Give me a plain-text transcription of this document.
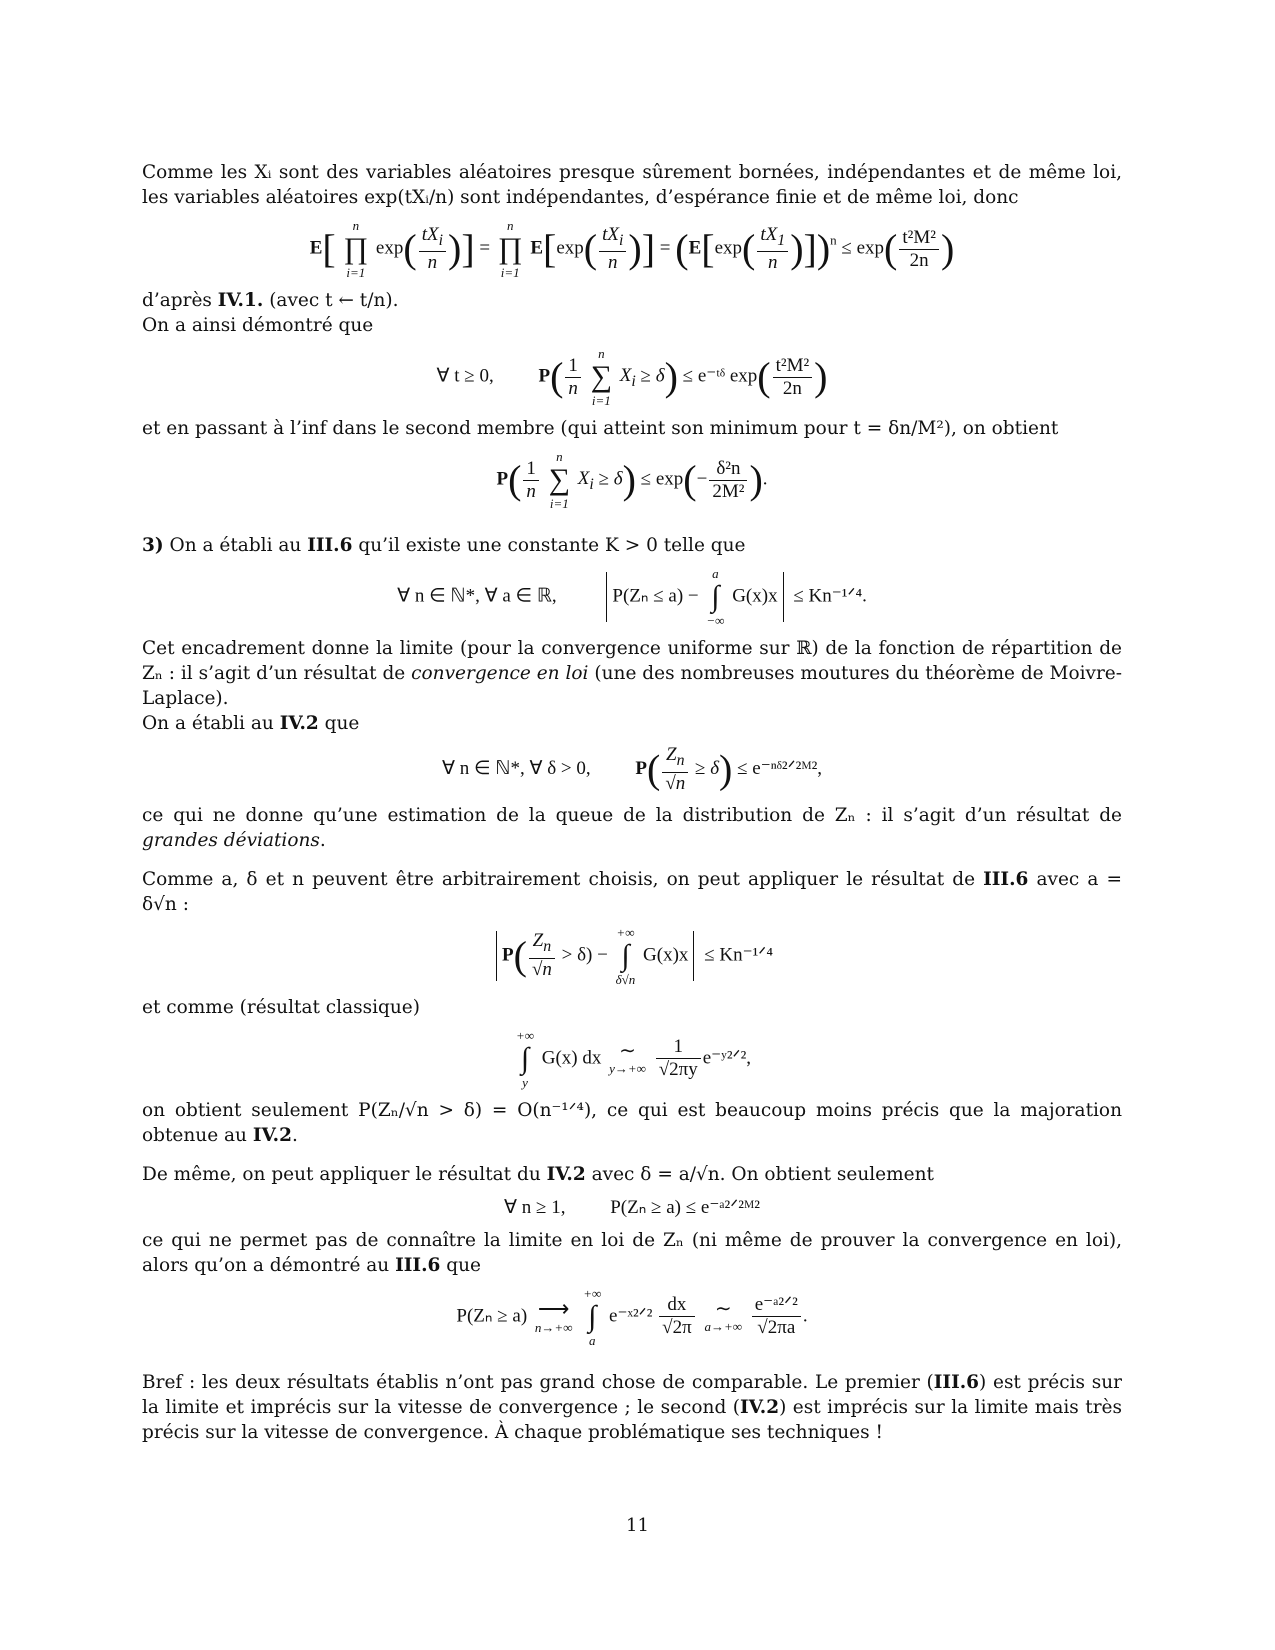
Comme les Xᵢ sont des variables aléatoires presque sûrement bornées, indépendantes et de même loi, les variables aléatoires exp(tXᵢ/n) sont indépendantes, d’espérance finie et de même loi, donc

E[
n
∏
i=1
$\exp( \frac{tX_i}{n}$ )] =
n
∏
i=1
$E[\exp( \frac{tX_i}{n}$ )] = $(E[\exp( \frac{tX_1}{n} )])^n \le \exp( \frac{\text{t²M²}}{2n}$ )

d’après IV.1. (avec t ← t/n).

On a ainsi démontré que

∀ t ≥ 0, $P( \frac{1}{n}$

n
∑
i=1
$X_i \ge \delta$) ≤ e⁻ᵗᵟ $\exp( \frac{\text{t²M²}}{2n}$ )

et en passant à l’inf dans le second membre (qui atteint son minimum pour t = δn/M²), on obtient

$P( \frac{1}{n}$

n
∑
i=1
$X_i \ge \delta) \le \exp(- \frac{\text{δ²n}}{\text{2M²}}$ ).

3) On a établi au III.6 qu’il existe une constante K > 0 telle que

∀ n ∈ ℕ*, ∀ a ∈ ℝ,	P(Zₙ ≤ a) −
a
∫
−∞
G(x)x ≤ Kn⁻¹ᐟ⁴.

Cet encadrement donne la limite (pour la convergence uniforme sur ℝ) de la fonction de répartition de Zₙ : il s’agit d’un résultat de convergence en loi (une des nombreuses moutures du théorème de Moivre-Laplace).

On a établi au IV.2 que

∀ n ∈ ℕ*, ∀ δ > 0, $P( \frac{Z_n}{√n} \ge \delta)$ ≤ e⁻ⁿᵟ²ᐟ²ᴹ²,

ce qui ne donne qu’une estimation de la queue de la distribution de Zₙ : il s’agit d’un résultat de grandes déviations.

Comme a, δ et n peuvent être arbitrairement choisis, on peut appliquer le résultat de III.6 avec a = δ√n :

$P( \frac{Z_n}{√n} > \delta)$ −
+∞
∫
δ√n
G(x)x ≤ Kn⁻¹ᐟ⁴

et comme (résultat classique)

+∞
∫
y
G(x) dx ∼
y→+∞
$\frac{1}{√2\pi y}$ e⁻ʸ²ᐟ²,

on obtient seulement P(Zₙ/√n > δ) = O(n⁻¹ᐟ⁴), ce qui est beaucoup moins précis que la majoration obtenue au IV.2.

De même, on peut appliquer le résultat du IV.2 avec δ = a/√n. On obtient seulement

∀ n ≥ 1, P(Zₙ ≥ a) ≤ e⁻ᵃ²ᐟ²ᴹ²

ce qui ne permet pas de connaître la limite en loi de Zₙ (ni même de prouver la convergence en loi), alors qu’on a démontré au III.6 que

P(Zₙ ≥ a) ⟶
n→+∞

+∞
∫
a
e⁻ˣ²ᐟ² $\frac{dx}{√2\pi}$
	∼
a→+∞
$\frac{\text{e⁻ᵃ²ᐟ²}}{√2\pi a}$ .

Bref : les deux résultats établis n’ont pas grand chose de comparable. Le premier (III.6) est précis sur la limite et imprécis sur la vitesse de convergence ; le second (IV.2) est imprécis sur la limite mais très précis sur la vitesse de convergence. À chaque problématique ses techniques !

11
